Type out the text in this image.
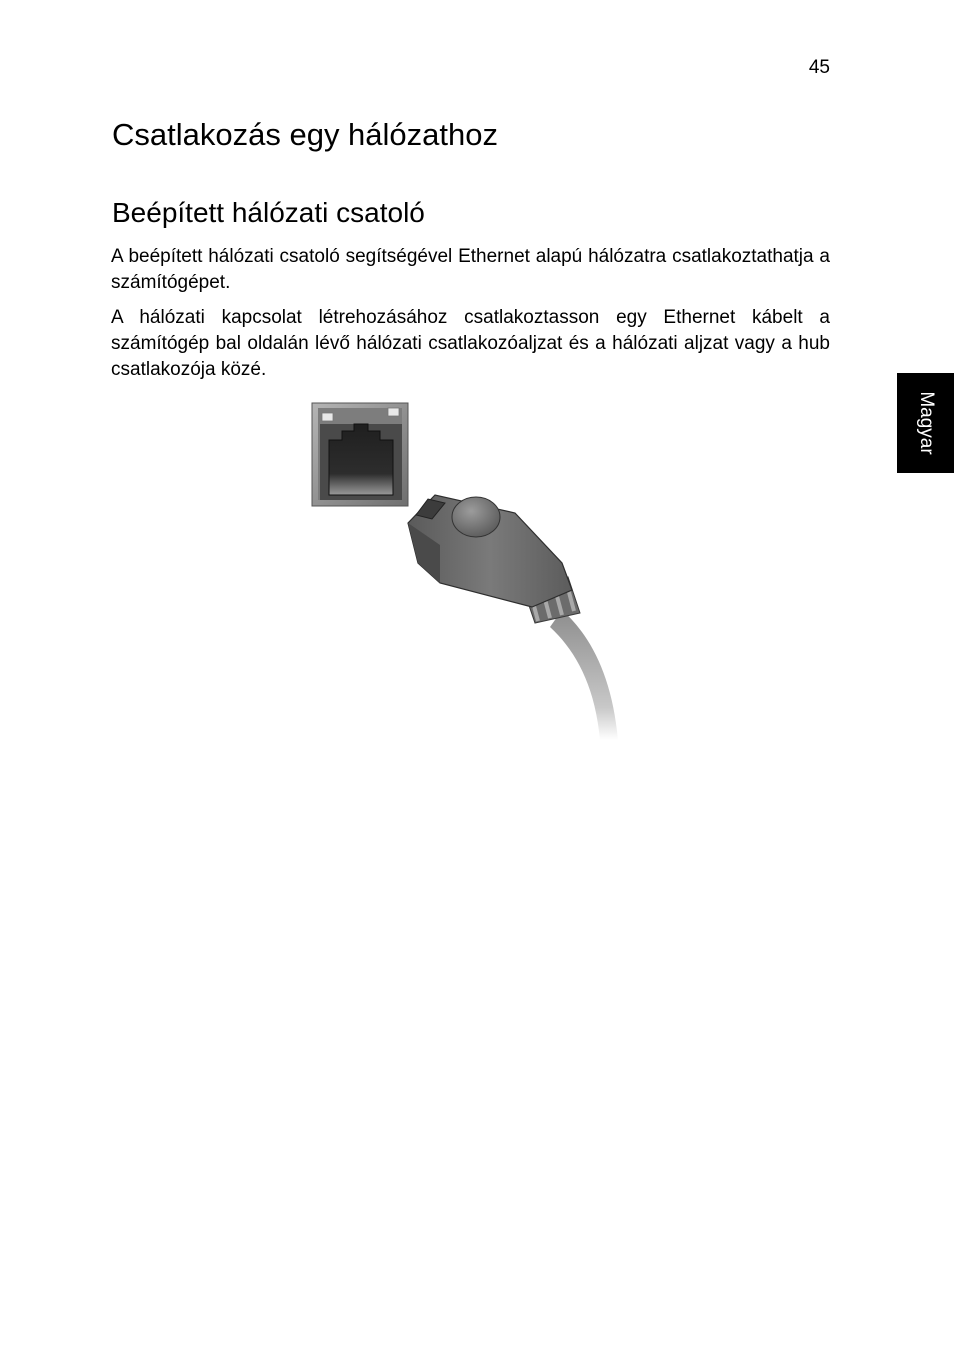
45
Csatlakozás egy hálózathoz
Beépített hálózati csatoló

A beépített hálózati csatoló segítségével Ethernet alapú hálózatra csatlakoztathatja a számítógépet.

A hálózati kapcsolat létrehozásához csatlakoztasson egy Ethernet kábelt a számítógép bal oldalán lévő hálózati csatlakozóaljzat és a hálózati aljzat vagy a hub csatlakozója közé.

Magyar
